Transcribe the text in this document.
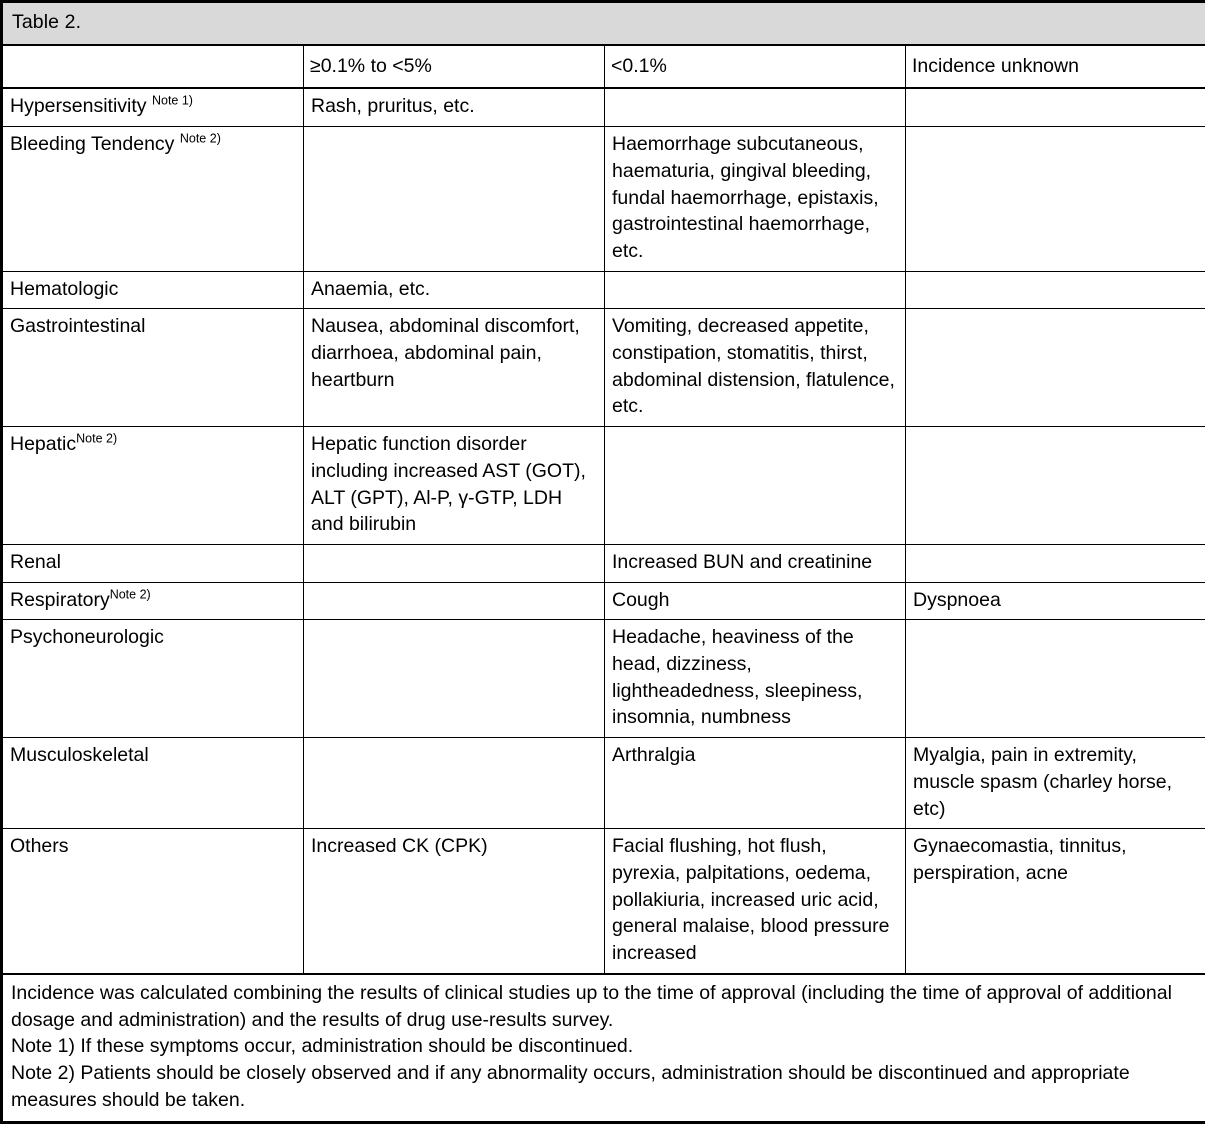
Table 2.			
	≥0.1% to <5%	<0.1%	Incidence unknown
Hypersensitivity $^{Note 1)}$	Rash, pruritus, etc.		
Bleeding Tendency $^{Note 2)}$		Haemorrhage subcutaneous, haematuria, gingival bleeding, fundal haemorrhage, epistaxis, gastrointestinal haemorrhage, etc.	
Hematologic	Anaemia, etc.		
Gastrointestinal	Nausea, abdominal discomfort, diarrhoea, abdominal pain, heartburn	Vomiting, decreased appetite, constipation, stomatitis, thirst, abdominal distension, flatulence, etc.	
Hepatic$^{Note 2)}$	Hepatic function disorder including increased AST (GOT), ALT (GPT), Al-P, γ-GTP, LDH and bilirubin		
Renal		Increased BUN and creatinine	
Respiratory$^{Note 2)}$		Cough	Dyspnoea
Psychoneurologic		Headache, heaviness of the head, dizziness, lightheadedness, sleepiness, insomnia, numbness	
Musculoskeletal		Arthralgia	Myalgia, pain in extremity, muscle spasm (charley horse, etc)
Others	Increased CK (CPK)	Facial flushing, hot flush, pyrexia, palpitations, oedema, pollakiuria, increased uric acid, general malaise, blood pressure increased	Gynaecomastia, tinnitus, perspiration, acne

Incidence was calculated combining the results of clinical studies up to the time of approval (including the time of approval of additional dosage and administration) and the results of drug use-results survey.
Note 1) If these symptoms occur, administration should be discontinued.
Note 2) Patients should be closely observed and if any abnormality occurs, administration should be discontinued and appropriate measures should be taken.			
